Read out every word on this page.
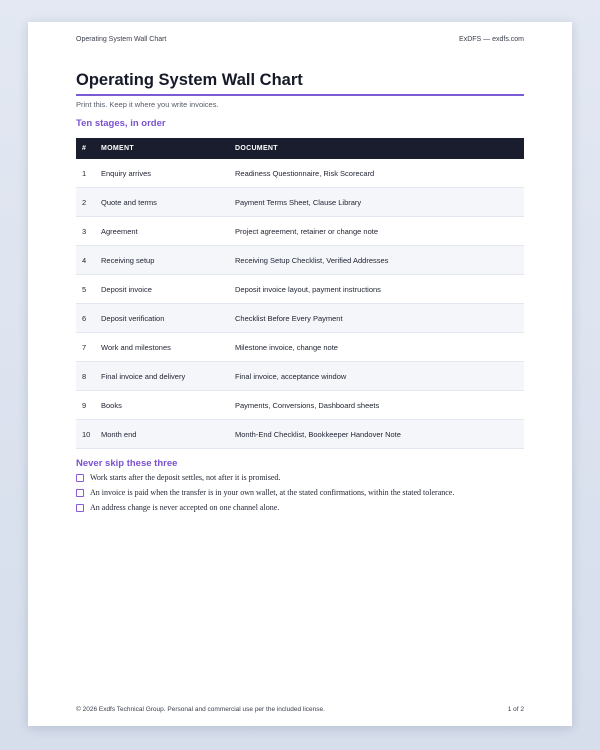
Operating System Wall Chart	ExDFS — exdfs.com
Operating System Wall Chart
Print this. Keep it where you write invoices.
Ten stages, in order
#	MOMENT	DOCUMENT
1	Enquiry arrives	Readiness Questionnaire, Risk Scorecard
2	Quote and terms	Payment Terms Sheet, Clause Library
3	Agreement	Project agreement, retainer or change note
4	Receiving setup	Receiving Setup Checklist, Verified Addresses
5	Deposit invoice	Deposit invoice layout, payment instructions
6	Deposit verification	Checklist Before Every Payment
7	Work and milestones	Milestone invoice, change note
8	Final invoice and delivery	Final invoice, acceptance window
9	Books	Payments, Conversions, Dashboard sheets
10	Month end	Month-End Checklist, Bookkeeper Handover Note
Never skip these three
Work starts after the deposit settles, not after it is promised.
An invoice is paid when the transfer is in your own wallet, at the stated confirmations, within the stated tolerance.
An address change is never accepted on one channel alone.
© 2026 Exdfs Technical Group. Personal and commercial use per the included license.	1 of 2
